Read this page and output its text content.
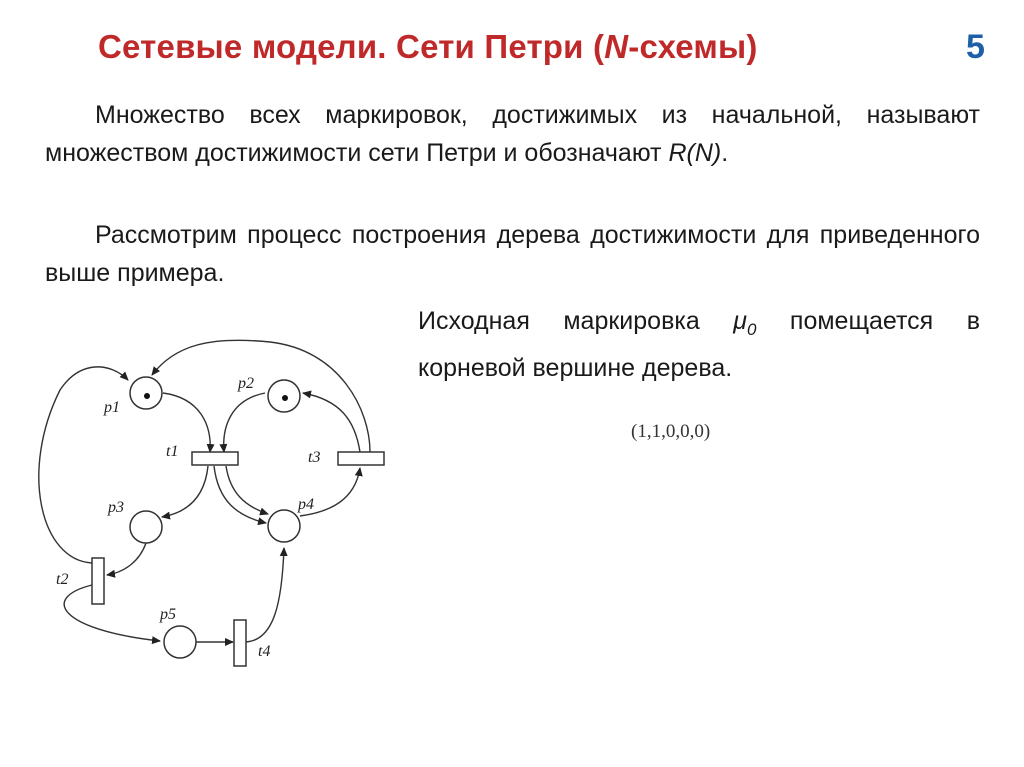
Сетевые модели. Сети Петри (N-схемы)	5
Множество всех маркировок, достижимых из начальной, называют множеством достижимости сети Петри и обозначают R(N).
Рассмотрим процесс построения дерева достижимости для приведенного выше примера.
Исходная маркировка $\mu_0$ помещается в корневой вершине дерева.
(1,1,0,0,0)
p1
p2
p3	p4
p5
t1
t2
t3
t4
